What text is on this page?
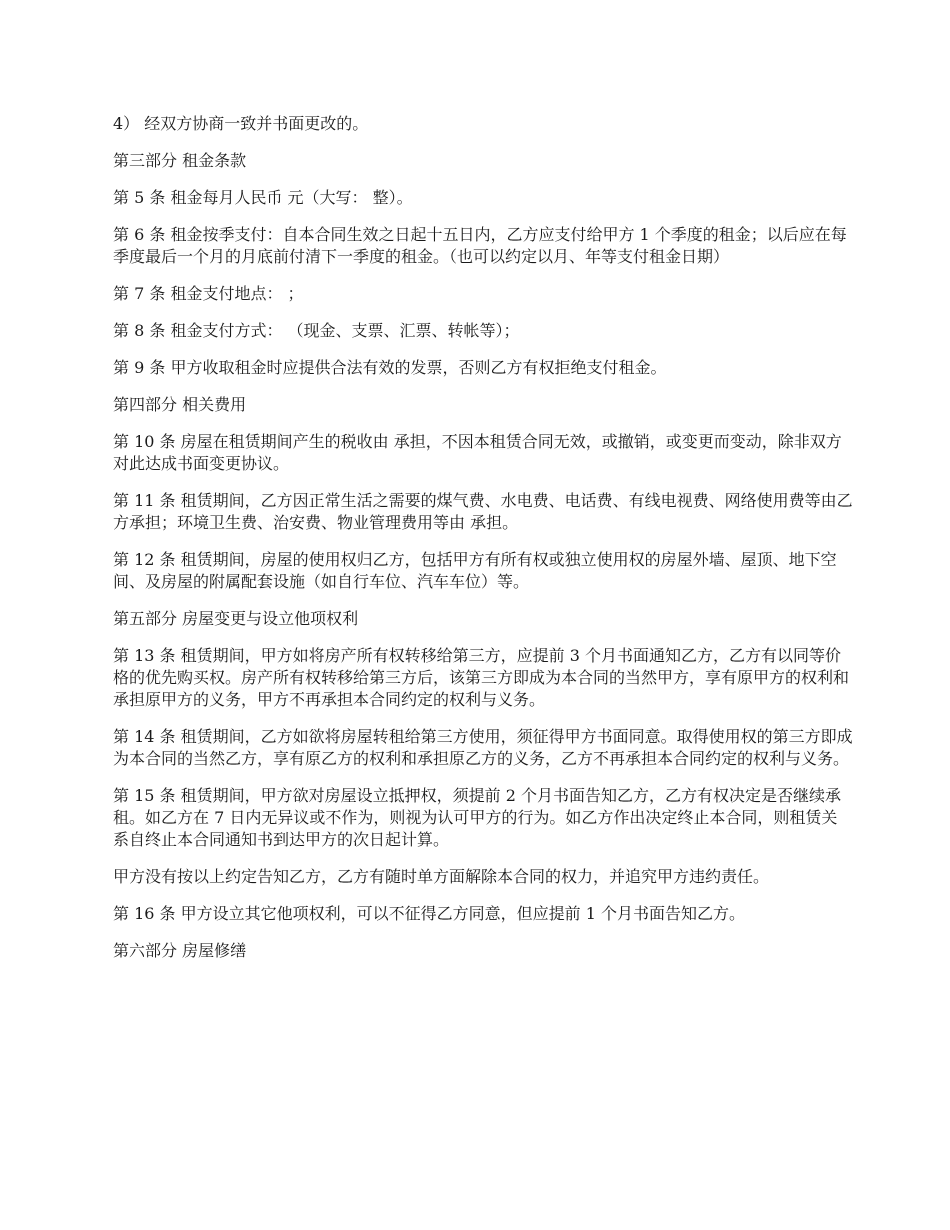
4） 经双方协商一致并书面更改的。

第三部分 租金条款

第 5 条 租金每月人民币 元（大写： 整）。

第 6 条 租金按季支付：自本合同生效之日起十五日内，乙方应支付给甲方 1 个季度的租金；以后应在每季度最后一个月的月底前付清下一季度的租金。（也可以约定以月、年等支付租金日期）

第 7 条 租金支付地点： ；

第 8 条 租金支付方式： （现金、支票、汇票、转帐等）；

第 9 条 甲方收取租金时应提供合法有效的发票，否则乙方有权拒绝支付租金。

第四部分 相关费用

第 10 条 房屋在租赁期间产生的税收由 承担，不因本租赁合同无效，或撤销，或变更而变动，除非双方对此达成书面变更协议。

第 11 条 租赁期间，乙方因正常生活之需要的煤气费、水电费、电话费、有线电视费、网络使用费等由乙方承担；环境卫生费、治安费、物业管理费用等由 承担。

第 12 条 租赁期间，房屋的使用权归乙方，包括甲方有所有权或独立使用权的房屋外墙、屋顶、地下空间、及房屋的附属配套设施（如自行车位、汽车车位）等。

第五部分 房屋变更与设立他项权利

第 13 条 租赁期间，甲方如将房产所有权转移给第三方，应提前 3 个月书面通知乙方，乙方有以同等价格的优先购买权。房产所有权转移给第三方后，该第三方即成为本合同的当然甲方，享有原甲方的权利和承担原甲方的义务，甲方不再承担本合同约定的权利与义务。

第 14 条 租赁期间，乙方如欲将房屋转租给第三方使用，须征得甲方书面同意。取得使用权的第三方即成为本合同的当然乙方，享有原乙方的权利和承担原乙方的义务，乙方不再承担本合同约定的权利与义务。

第 15 条 租赁期间，甲方欲对房屋设立抵押权，须提前 2 个月书面告知乙方，乙方有权决定是否继续承租。如乙方在 7 日内无异议或不作为，则视为认可甲方的行为。如乙方作出决定终止本合同，则租赁关系自终止本合同通知书到达甲方的次日起计算。

甲方没有按以上约定告知乙方，乙方有随时单方面解除本合同的权力，并追究甲方违约责任。

第 16 条 甲方设立其它他项权利，可以不征得乙方同意，但应提前 1 个月书面告知乙方。

第六部分 房屋修缮
